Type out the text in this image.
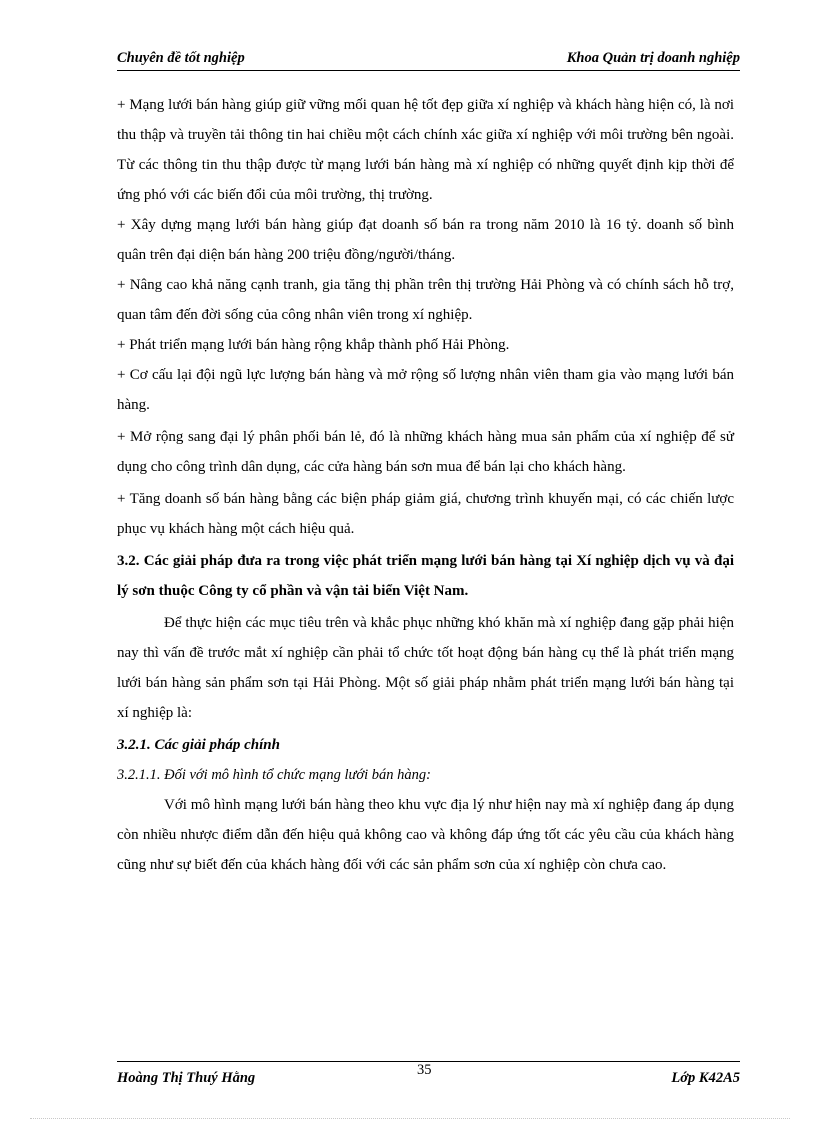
Chuyên đề tốt nghiệp	Khoa Quản trị doanh nghiệp

+ Mạng lưới bán hàng giúp giữ vững mối quan hệ tốt đẹp giữa xí nghiệp và khách hàng hiện có, là nơi thu thập và truyền tải thông tin hai chiều một cách chính xác giữa xí nghiệp với môi trường bên ngoài. Từ các thông tin thu thập được từ mạng lưới bán hàng mà xí nghiệp có những quyết định kịp thời để ứng phó với các biến đổi của môi trường, thị trường.

+ Xây dựng mạng lưới bán hàng giúp đạt doanh số bán ra trong năm 2010 là 16 tỷ. doanh số bình quân trên đại diện bán hàng 200 triệu đồng/người/tháng.

+ Nâng cao khả năng cạnh tranh, gia tăng thị phần trên thị trường Hải Phòng và có chính sách hỗ trợ, quan tâm đến đời sống của công nhân viên trong xí nghiệp.

+ Phát triển mạng lưới bán hàng rộng khắp thành phố Hải Phòng.

+ Cơ cấu lại đội ngũ lực lượng bán hàng và mở rộng số lượng nhân viên tham gia vào mạng lưới bán hàng.

+ Mở rộng sang đại lý phân phối bán lẻ, đó là những khách hàng mua sản phẩm của xí nghiệp để sử dụng cho công trình dân dụng, các cửa hàng bán sơn mua để bán lại cho khách hàng.

+ Tăng doanh số bán hàng bằng các biện pháp giảm giá, chương trình khuyến mại, có các chiến lược phục vụ khách hàng một cách hiệu quả.

3.2. Các giải pháp đưa ra trong việc phát triển mạng lưới bán hàng tại Xí nghiệp dịch vụ và đại lý sơn thuộc Công ty cổ phần và vận tải biển Việt Nam.

Để thực hiện các mục tiêu trên và khắc phục những khó khăn mà xí nghiệp đang gặp phải hiện nay thì vấn đề trước mắt xí nghiệp cần phải tổ chức tốt hoạt động bán hàng cụ thể là phát triển mạng lưới bán hàng sản phẩm sơn tại Hải Phòng. Một số giải pháp nhằm phát triển mạng lưới bán hàng tại xí nghiệp là:

3.2.1. Các giải pháp chính

3.2.1.1. Đối với mô hình tổ chức mạng lưới bán hàng:

Với mô hình mạng lưới bán hàng theo khu vực địa lý như hiện nay mà xí nghiệp đang áp dụng còn nhiều nhược điểm dẫn đến hiệu quả không cao và không đáp ứng tốt các yêu cầu của khách hàng cũng như sự biết đến của khách hàng đối với các sản phẩm sơn của xí nghiệp còn chưa cao.

Hoàng Thị Thuý Hằng	35	Lớp K42A5
